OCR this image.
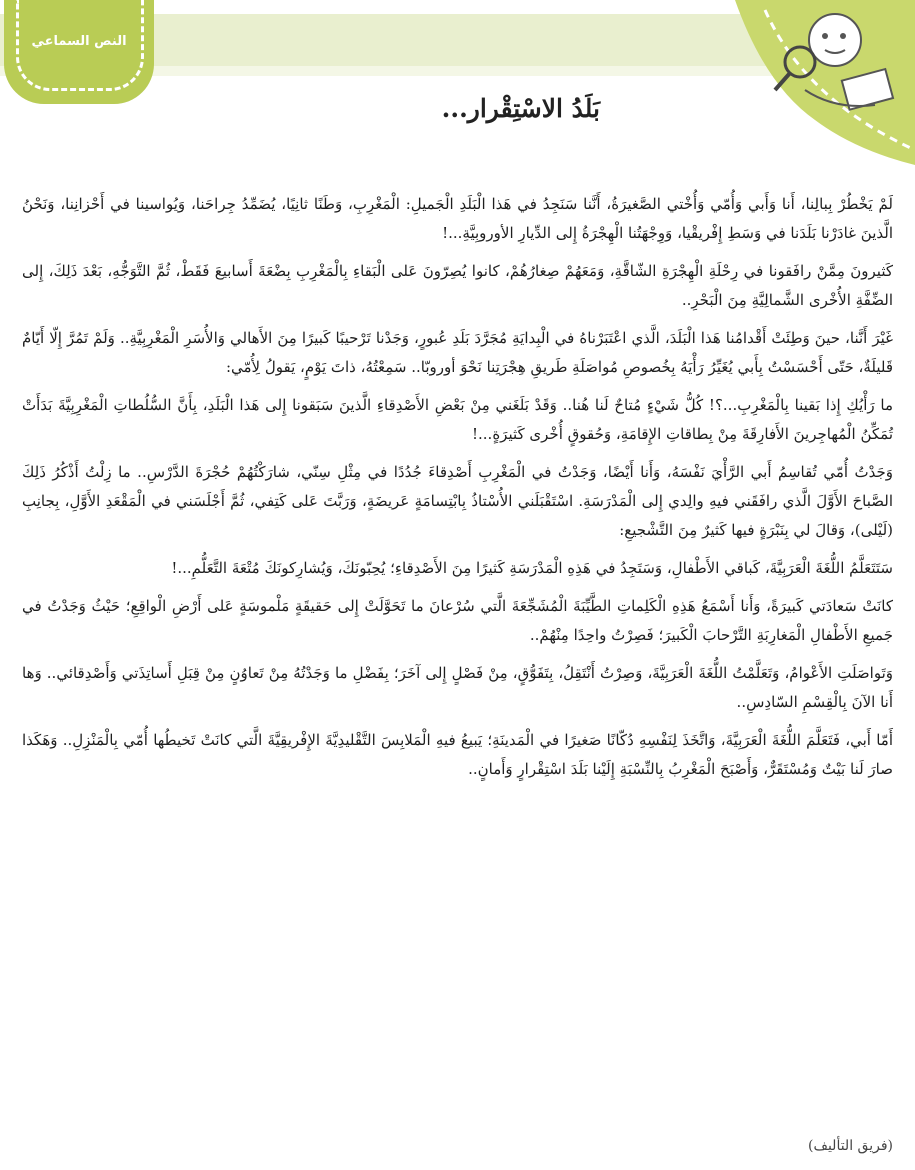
النص السماعي
بَلَدُ الاسْتِقْرار...

لَمْ يَخْطُرْ بِبالِنا، أَنا وَأَبي وَأُمّي وَأُخْتي الصَّغيرَةُ، أَنَّنا سَنَجِدُ في هَذا الْبَلَدِ الْجَميلِ: الْمَغْرِبِ، وَطَنًا ثانِيًا، يُضَمِّدُ جِراحَنا، وَيُواسينا في أَحْزانِنا، وَنَحْنُ الَّذينَ غادَرْنا بَلَدَنا في وَسَطِ إِفْريقْيا، وَوِجْهَتُنا الْهِجْرَةُ إِلى الدِّيارِ الأوروبِيَّةِ...!

كَثيرونَ مِمَّنْ رافَقونا في رِحْلَةِ الْهِجْرَةِ الشّاقَّةِ، وَمَعَهُمْ صِغارُهُمْ، كانوا يُصِرّونَ عَلى الْبَقاءِ بِالْمَغْرِبِ بِضْعَةَ أَسابيعَ فَقَطْ، ثُمَّ التَّوَجُّهِ، بَعْدَ ذَلِكَ، إِلى الضِّفَّةِ الأُخْرى الشَّمالِيَّةِ مِنَ الْبَحْرِ..

غَيْرَ أَنَّنا، حينَ وَطِئَتْ أَقْدامُنا هَذا الْبَلَدَ، الَّذي اعْتَبَرْناهُ في الْبِدايَةِ مُجَرَّدَ بَلَدِ عُبورٍ، وَجَدْنا تَرْحيبًا كَبيرًا مِنَ الأَهالي وَالأُسَرِ الْمَغْرِبِيَّةِ.. وَلَمْ تَمُرَّ إِلّا أَيّامٌ قَليلَةٌ، حَتّى أَحْسَسْتُ بِأَبي يُغَيِّرُ رَأْيَهُ بِخُصوصِ مُواصَلَةِ طَريقِ هِجْرَتِنا نَحْوَ أوروبّا.. سَمِعْتُهُ، ذاتَ يَوْمٍ، يَقولُ لِأُمّي:

ما رَأْيُكِ إِذا بَقينا بِالْمَغْرِبِ...؟! كُلُّ شَيْءٍ مُتاحٌ لَنا هُنا.. وَقَدْ بَلَغَني مِنْ بَعْضِ الأَصْدِقاءِ الَّذينَ سَبَقونا إِلى هَذا الْبَلَدِ، بِأَنَّ السُّلُطاتِ الْمَغْرِبِيَّةَ بَدَأَتْ تُمَكِّنُ الْمُهاجِرينَ الأَفارِقَةَ مِنْ بِطاقاتِ الإِقامَةِ، وَحُقوقٍ أُخْرى كَثيرَةٍ...!

وَجَدْتُ أُمّي تُقاسِمُ أَبي الرَّأْيَ نَفْسَهُ، وَأَنا أَيْضًا، وَجَدْتُ في الْمَغْرِبِ أَصْدِقاءَ جُدُدًا في مِثْلِ سِنّي، شارَكْتُهُمْ حُجْرَةَ الدَّرْسِ.. ما زِلْتُ أَذْكُرُ ذَلِكَ الصَّباحَ الأَوَّلَ الَّذي رافَقَني فيهِ والِدي إِلى الْمَدْرَسَةِ. اسْتَقْبَلَني الأُسْتاذُ بِابْتِسامَةٍ عَريضَةٍ، وَرَبَّتَ عَلى كَتِفي، ثُمَّ أَجْلَسَني في الْمَقْعَدِ الأَوَّلِ، بِجانِبِ (لَيْلى)، وَقالَ لي بِنَبْرَةٍ فيها كَثيرٌ مِنَ التَّشْجيعِ:

سَتَتَعَلَّمُ اللُّغَةَ الْعَرَبِيَّةَ، كَباقي الأَطْفالِ، وَسَتَجِدُ في هَذِهِ الْمَدْرَسَةِ كَثيرًا مِنَ الأَصْدِقاءِ؛ يُحِبّونَكَ، وَيُشارِكونَكَ مُتْعَةَ التَّعَلُّمِ...!

كانَتْ سَعادَتي كَبيرَةً، وَأَنا أَسْمَعُ هَذِهِ الْكَلِماتِ الطَّيِّبَةَ الْمُشَجِّعَةَ الَّتي سُرْعانَ ما تَحَوَّلَتْ إِلى حَقيقَةٍ مَلْموسَةٍ عَلى أَرْضِ الْواقِعِ؛ حَيْثُ وَجَدْتُ في جَميعِ الأَطْفالِ الْمَغارِبَةِ التَّرْحابَ الْكَبيرَ؛ فَصِرْتُ واحِدًا مِنْهُمْ..

وَتَواصَلَتِ الأَعْوامُ، وَتَعَلَّمْتُ اللُّغَةَ الْعَرَبِيَّةَ، وَصِرْتُ أَنْتَقِلُ، بِتَفَوُّقٍ، مِنْ فَصْلٍ إِلى آخَرَ؛ بِفَضْلِ ما وَجَدْتُهُ مِنْ تَعاوُنٍ مِنْ قِبَلِ أَساتِذَتي وَأَصْدِقائي.. وَها أَنا الآنَ بِالْقِسْمِ السّادِسِ..

أَمّا أَبي، فَتَعَلَّمَ اللُّغَةَ الْعَرَبِيَّةَ، وَاتَّخَذَ لِنَفْسِهِ دُكّانًا صَغيرًا في الْمَدينَةِ؛ يَبيعُ فيهِ الْمَلابِسَ التَّقْليدِيَّةَ الإِفْريقِيَّةَ الَّتي كانَتْ تَخيطُها أُمّي بِالْمَنْزِلِ.. وَهَكَذا صارَ لَنا بَيْتٌ وَمُسْتَقَرٌّ، وَأَصْبَحَ الْمَغْرِبُ بِالنِّسْبَةِ إِلَيْنا بَلَدَ اسْتِقْرارٍ وَأَمانٍ..

(فريق التأليف)
